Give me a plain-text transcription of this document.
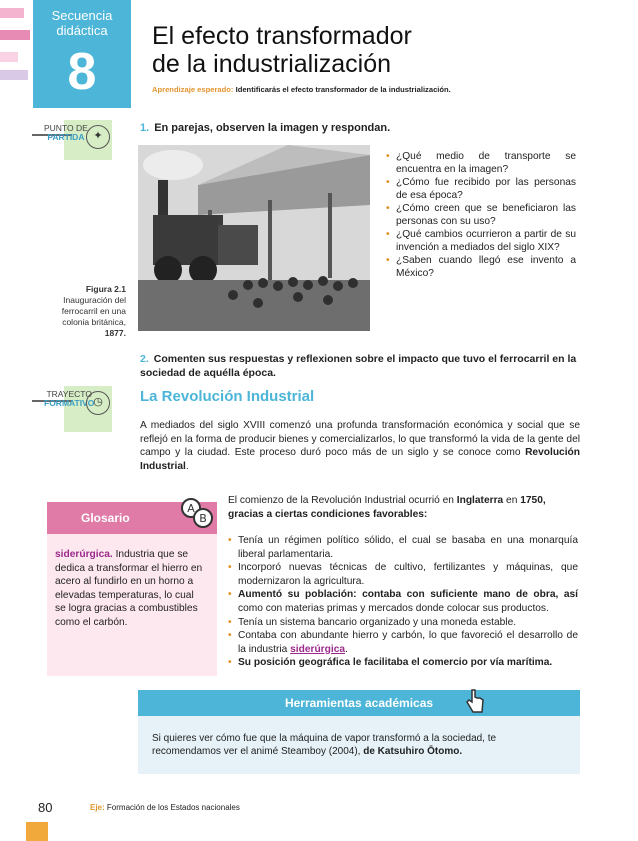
Secuencia
didáctica
8
El efecto transformador
de la industrialización
Aprendizaje esperado: Identificarás el efecto transformador de la industrialización.
PUNTO DE
PARTIDA ✦
1. En parejas, observen la imagen y respondan.
Figura 2.1
Inauguración del
ferrocarril en una
colonia británica,
1877.
• ¿Qué medio de transporte se encuentra en la imagen?
• ¿Cómo fue recibido por las personas de esa época?
• ¿Cómo creen que se beneficiaron las personas con su uso?
• ¿Qué cambios ocurrieron a partir de su invención a mediados del siglo XIX?
• ¿Saben cuando llegó ese invento a México?
2. Comenten sus respuestas y reflexionen sobre el impacto que tuvo el ferrocarril en la sociedad de aquélla época.
TRAYECTO
FORMATIVO
◷	La Revolución Industrial
A mediados del siglo XVIII comenzó una profunda transformación económica y social que se reflejó en la forma de producir bienes y comercializarlos, lo que transformó la vida de la gente del campo y la ciudad. Este proceso duró poco más de un siglo y se conoce como Revolución Industrial.
Glosario
A
B
siderúrgica. Industria que se dedica a transformar el hierro en acero al fundirlo en un horno a elevadas temperaturas, lo cual se logra gracias a combustibles como el carbón.
El comienzo de la Revolución Industrial ocurrió en Inglaterra en 1750, gracias a ciertas condiciones favorables:
• Tenía un régimen político sólido, el cual se basaba en una monarquía liberal parlamentaria.
• Incorporó nuevas técnicas de cultivo, fertilizantes y máquinas, que modernizaron la agricultura.
• Aumentó su población: contaba con suficiente mano de obra, así como con materias primas y mercados donde colocar sus productos.
• Tenía un sistema bancario organizado y una moneda estable.
• Contaba con abundante hierro y carbón, lo que favoreció el desarrollo de la industria siderúrgica.
• Su posición geográfica le facilitaba el comercio por vía marítima.
Herramientas académicas
Si quieres ver cómo fue que la máquina de vapor transformó a la sociedad, te recomendamos ver el animé Steamboy (2004), de Katsuhiro Ōtomo.
80	Eje: Formación de los Estados nacionales
